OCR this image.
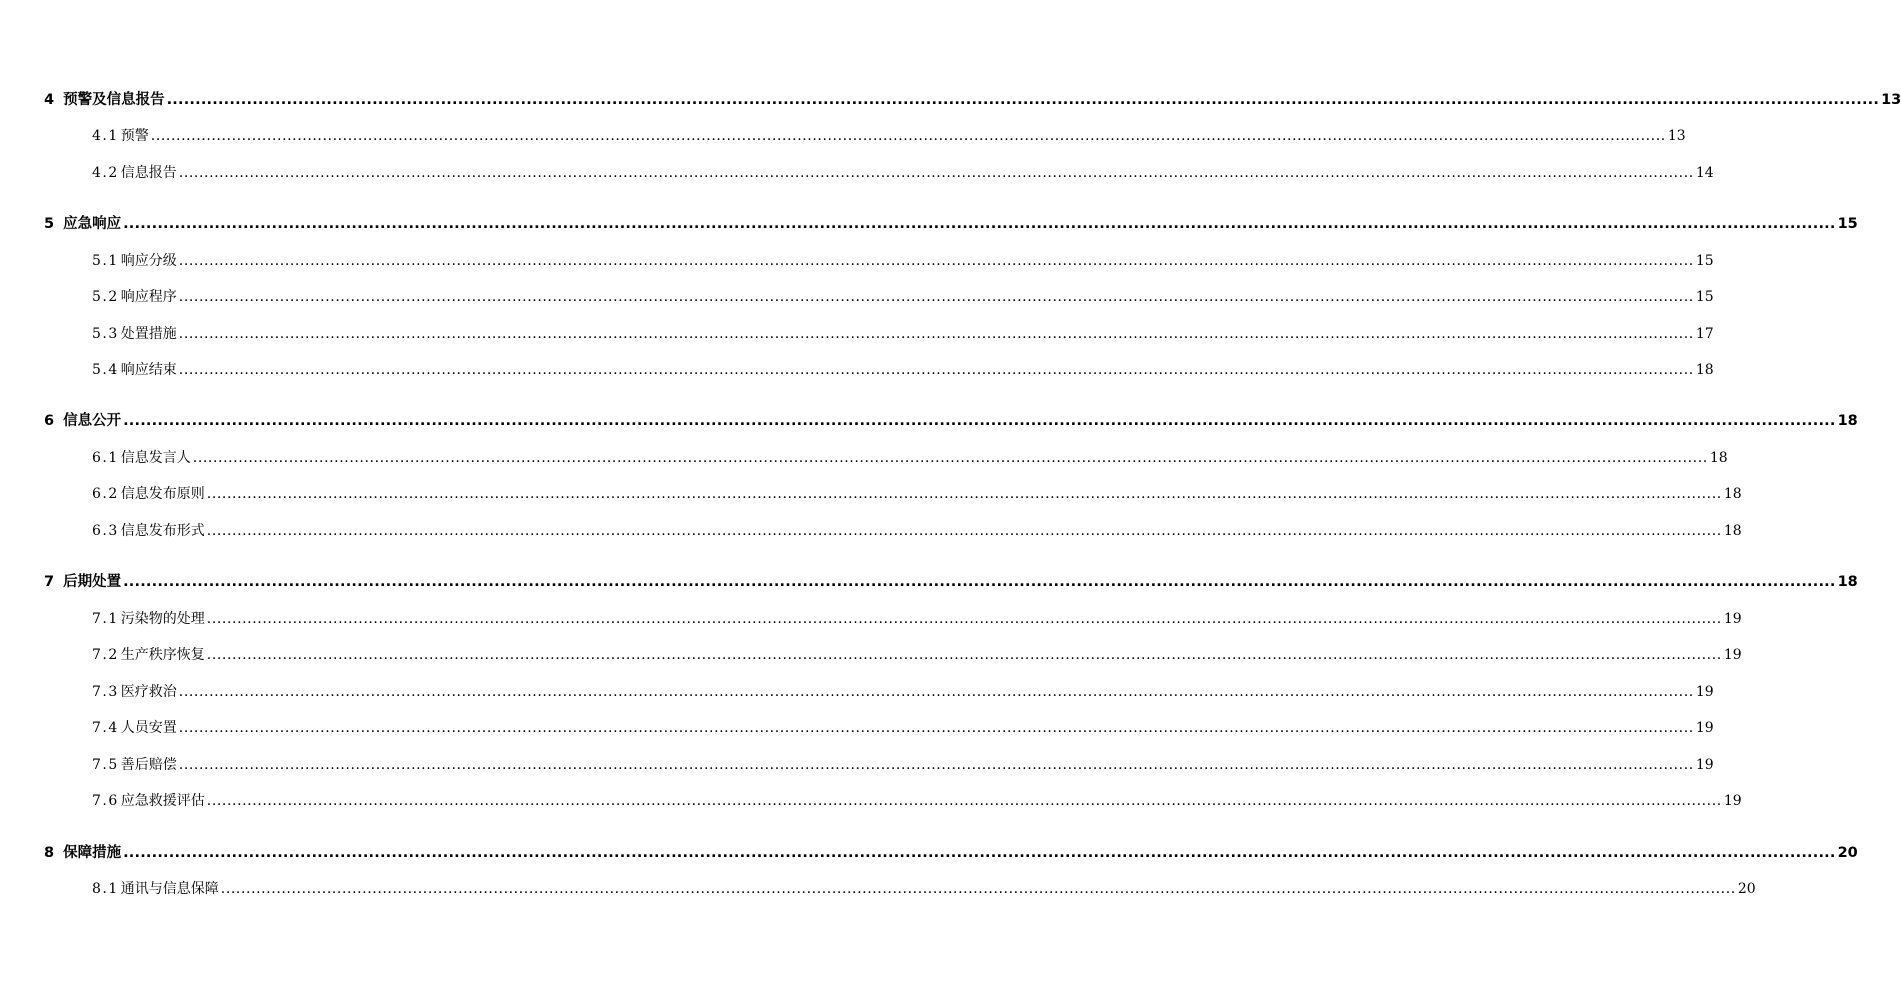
4 预警及信息报告 ............................................................................................................................................................................................................................................................................................................ 13
4.1 预警 ............................................................................................................................................................................................................................................................................................................ 13
4.2 信息报告 ............................................................................................................................................................................................................................................................................................................ 14
5 应急响应 ............................................................................................................................................................................................................................................................................................................ 15
5.1 响应分级 ............................................................................................................................................................................................................................................................................................................ 15
5.2 响应程序 ............................................................................................................................................................................................................................................................................................................ 15
5.3 处置措施 ............................................................................................................................................................................................................................................................................................................ 17
5.4 响应结束 ............................................................................................................................................................................................................................................................................................................ 18
6 信息公开 ............................................................................................................................................................................................................................................................................................................ 18
6.1 信息发言人 ............................................................................................................................................................................................................................................................................................................ 18
6.2 信息发布原则 ............................................................................................................................................................................................................................................................................................................ 18
6.3 信息发布形式 ............................................................................................................................................................................................................................................................................................................ 18
7 后期处置 ............................................................................................................................................................................................................................................................................................................ 18
7.1 污染物的处理 ............................................................................................................................................................................................................................................................................................................ 19
7.2 生产秩序恢复 ............................................................................................................................................................................................................................................................................................................ 19
7.3 医疗救治 ............................................................................................................................................................................................................................................................................................................ 19
7.4 人员安置 ............................................................................................................................................................................................................................................................................................................ 19
7.5 善后赔偿 ............................................................................................................................................................................................................................................................................................................ 19
7.6 应急救援评估 ............................................................................................................................................................................................................................................................................................................ 19
8 保障措施 ............................................................................................................................................................................................................................................................................................................ 20
8.1 通讯与信息保障 ............................................................................................................................................................................................................................................................................................................ 20
